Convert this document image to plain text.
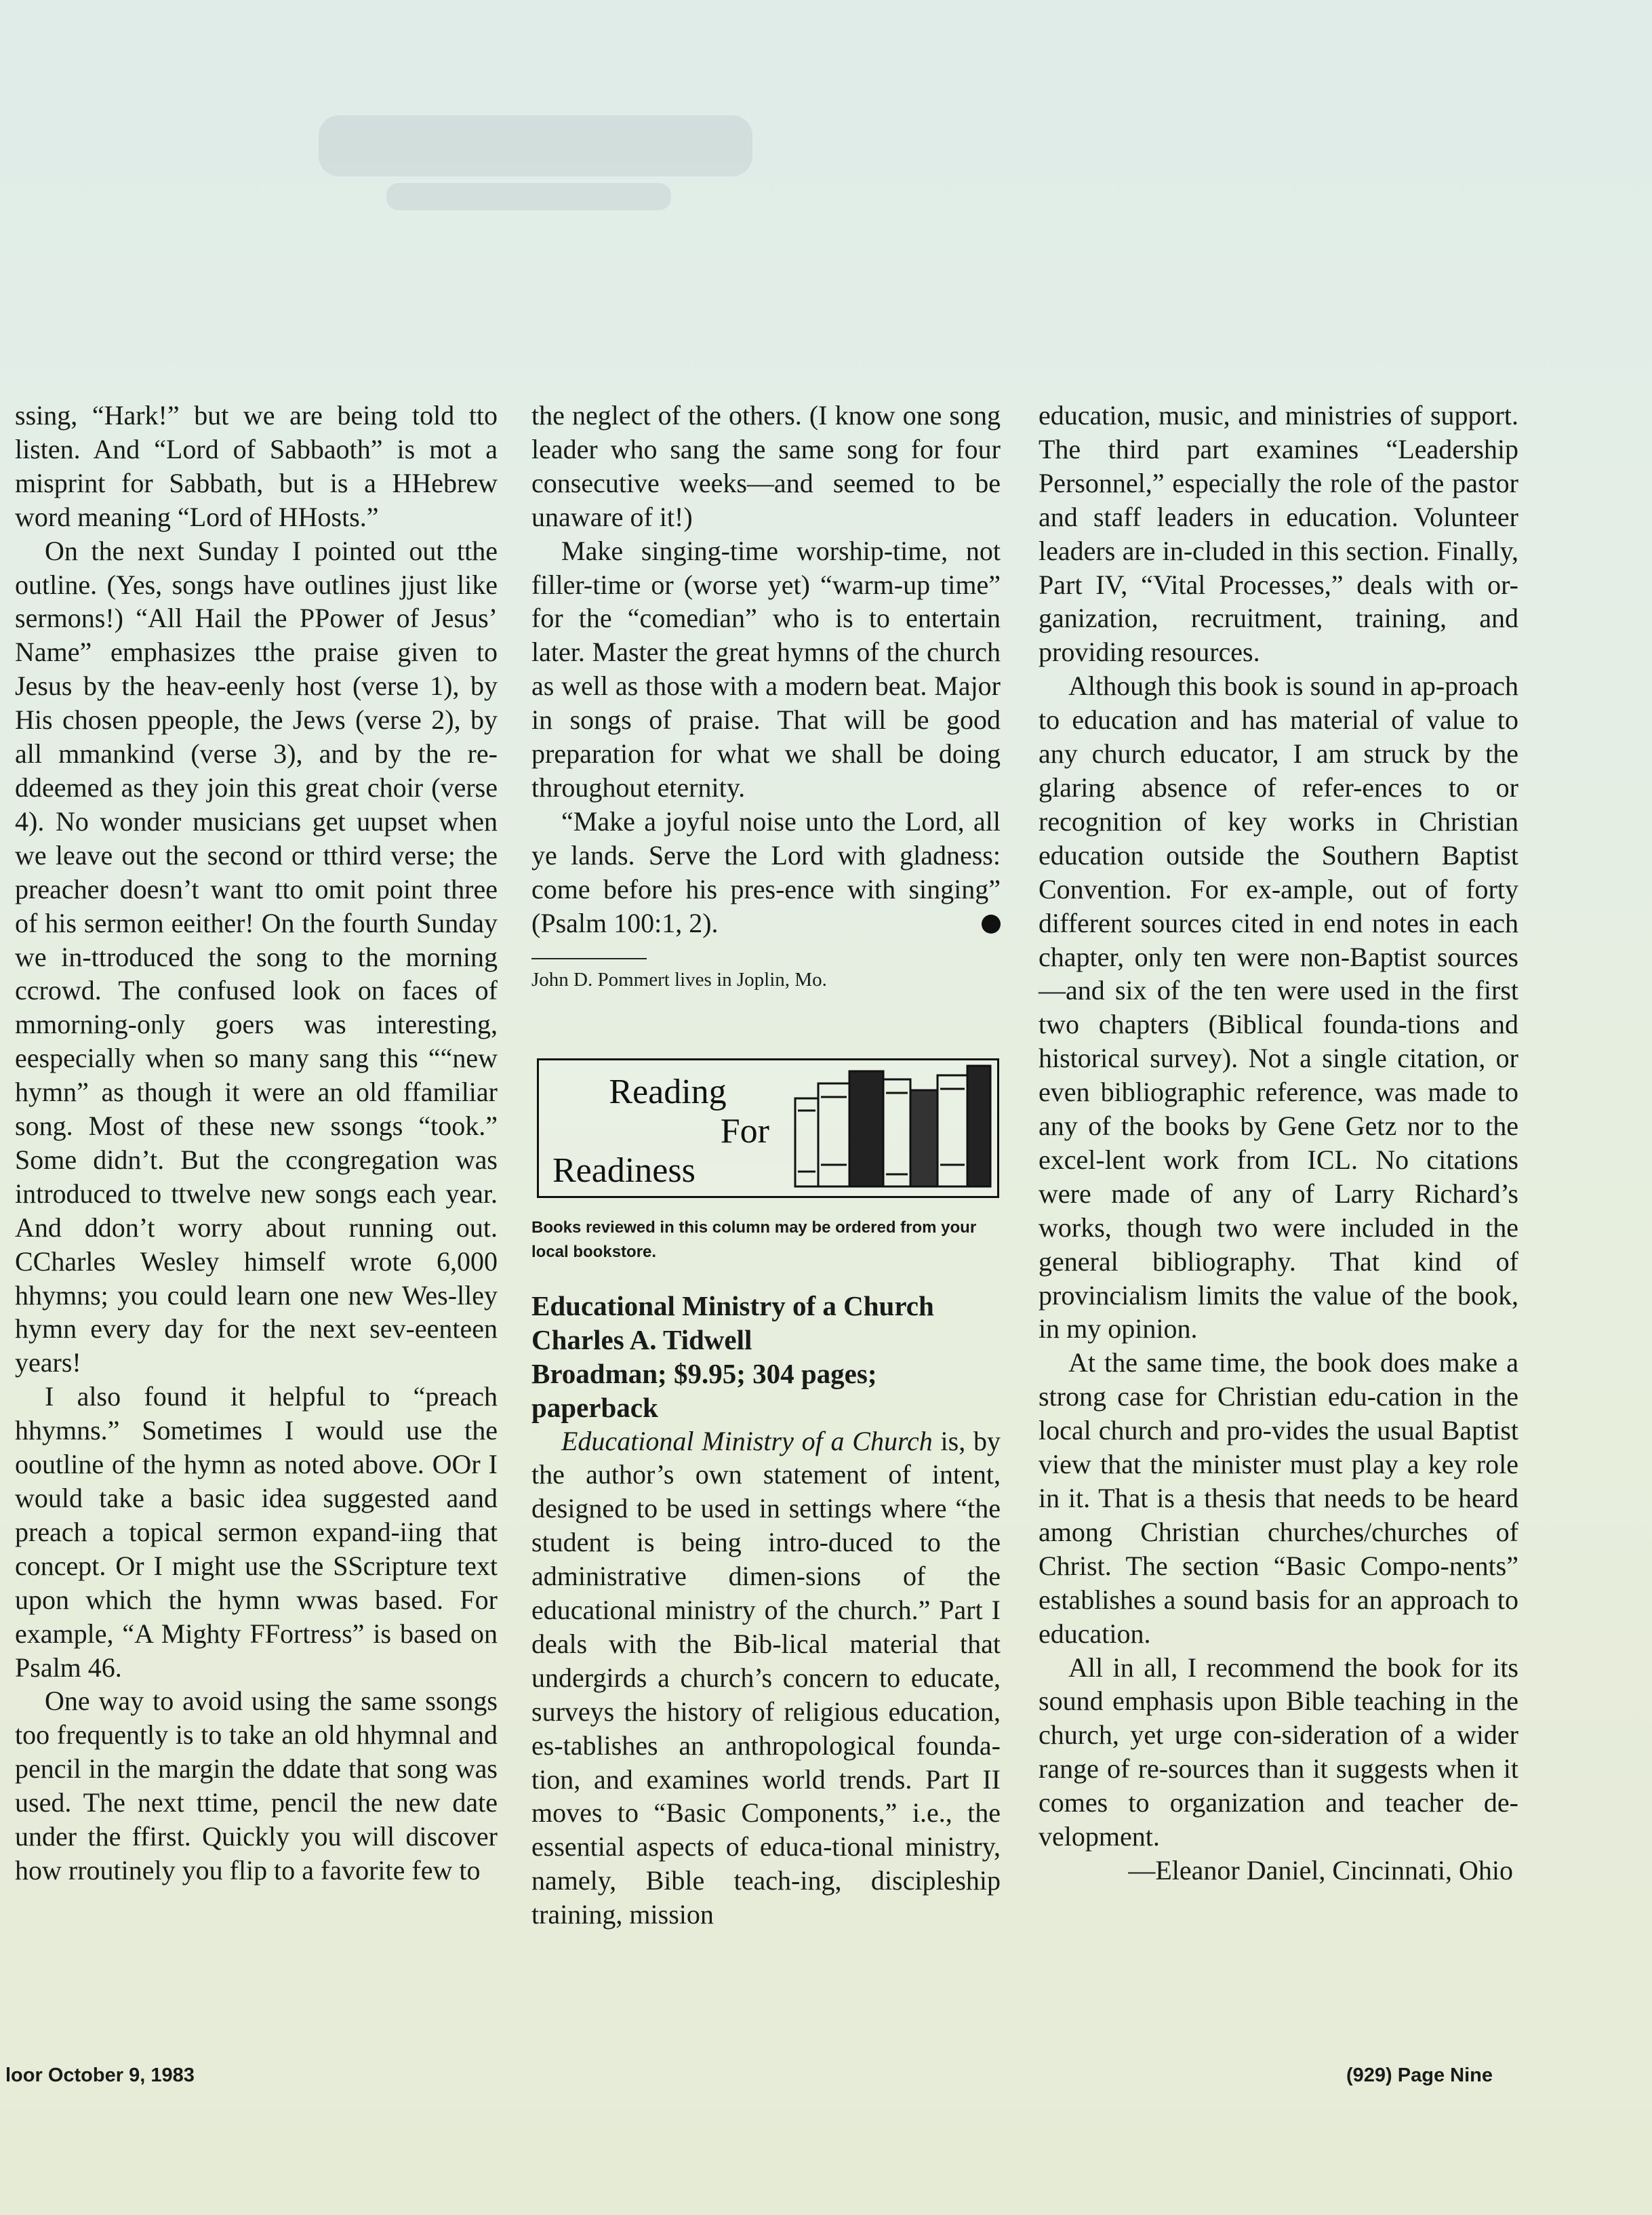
ssing, “Hark!” but we are being told tto listen. And “Lord of Sabbaoth” is mot a misprint for Sabbath, but is a HHebrew word meaning “Lord of HHosts.”

On the next Sunday I pointed out tthe outline. (Yes, songs have outlines jjust like sermons!) “All Hail the PPower of Jesus’ Name” emphasizes tthe praise given to Jesus by the heav-eenly host (verse 1), by His chosen ppeople, the Jews (verse 2), by all mmankind (verse 3), and by the re-ddeemed as they join this great choir (verse 4). No wonder musicians get uupset when we leave out the second or tthird verse; the preacher doesn’t want tto omit point three of his sermon eeither! On the fourth Sunday we in-ttroduced the song to the morning ccrowd. The confused look on faces of mmorning-only goers was interesting, eespecially when so many sang this ““new hymn” as though it were an old ffamiliar song. Most of these new ssongs “took.” Some didn’t. But the ccongregation was introduced to ttwelve new songs each year. And ddon’t worry about running out. CCharles Wesley himself wrote 6,000 hhymns; you could learn one new Wes-lley hymn every day for the next sev-eenteen years!

I also found it helpful to “preach hhymns.” Sometimes I would use the ooutline of the hymn as noted above. OOr I would take a basic idea suggested aand preach a topical sermon expand-iing that concept. Or I might use the SScripture text upon which the hymn wwas based. For example, “A Mighty FFortress” is based on Psalm 46.

One way to avoid using the same ssongs too frequently is to take an old hhymnal and pencil in the margin the ddate that song was used. The next ttime, pencil the new date under the ffirst. Quickly you will discover how rroutinely you flip to a favorite few to

the neglect of the others. (I know one song leader who sang the same song for four consecutive weeks—and seemed to be unaware of it!)

Make singing-time worship-time, not filler-time or (worse yet) “warm-up time” for the “comedian” who is to entertain later. Master the great hymns of the church as well as those with a modern beat. Major in songs of praise. That will be good preparation for what we shall be doing throughout eternity.

“Make a joyful noise unto the Lord, all ye lands. Serve the Lord with gladness: come before his pres-ence with singing” (Psalm 100:1, 2).

John D. Pommert lives in Joplin, Mo.
Reading
For
Readiness
Books reviewed in this column may be ordered from your local bookstore.
Educational Ministry of a Church
Charles A. Tidwell
Broadman; $9.95; 304 pages;
paperback

Educational Ministry of a Church is, by the author’s own statement of intent, designed to be used in settings where “the student is being intro-duced to the administrative dimen-sions of the educational ministry of the church.” Part I deals with the Bib-lical material that undergirds a church’s concern to educate, surveys the history of religious education, es-tablishes an anthropological founda-tion, and examines world trends. Part II moves to “Basic Components,” i.e., the essential aspects of educa-tional ministry, namely, Bible teach-ing, discipleship training, mission

education, music, and ministries of support. The third part examines “Leadership Personnel,” especially the role of the pastor and staff leaders in education. Volunteer leaders are in-cluded in this section. Finally, Part IV, “Vital Processes,” deals with or-ganization, recruitment, training, and providing resources.

Although this book is sound in ap-proach to education and has material of value to any church educator, I am struck by the glaring absence of refer-ences to or recognition of key works in Christian education outside the Southern Baptist Convention. For ex-ample, out of forty different sources cited in end notes in each chapter, only ten were non-Baptist sources—and six of the ten were used in the first two chapters (Biblical founda-tions and historical survey). Not a single citation, or even bibliographic reference, was made to any of the books by Gene Getz nor to the excel-lent work from ICL. No citations were made of any of Larry Richard’s works, though two were included in the general bibliography. That kind of provincialism limits the value of the book, in my opinion.

At the same time, the book does make a strong case for Christian edu-cation in the local church and pro-vides the usual Baptist view that the minister must play a key role in it. That is a thesis that needs to be heard among Christian churches/churches of Christ. The section “Basic Compo-nents” establishes a sound basis for an approach to education.

All in all, I recommend the book for its sound emphasis upon Bible teaching in the church, yet urge con-sideration of a wider range of re-sources than it suggests when it comes to organization and teacher de-velopment.

—Eleanor Daniel, Cincinnati, Ohio

loor October 9, 1983	(929) Page Nine
